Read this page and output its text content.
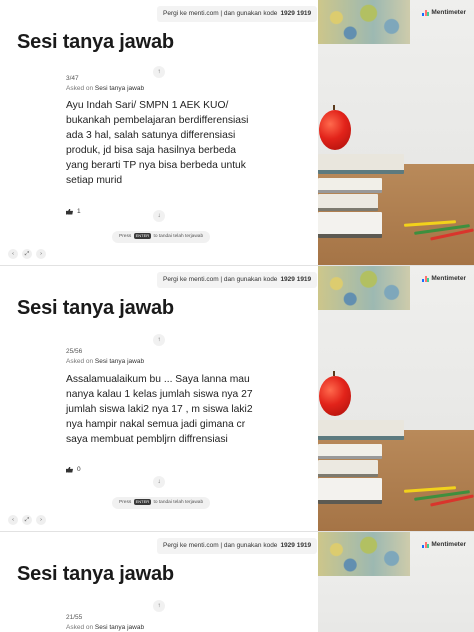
Pergi ke menti.com | dan gunakan kode 1929 1919
Sesi tanya jawab
↑
3/47
Asked on Sesi tanya jawab
Ayu Indah Sari/ SMPN 1 AEK KUO/ bukankah pembelajaran berdifferensiasi ada 3 hal, salah satunya differensiasi produk, jd bisa saja hasilnya berbeda yang berarti TP nya bisa berbeda untuk setiap murid
1
↓
Press ENTER to tandai telah terjawab
‹	⤢	›
Mentimeter
Pergi ke menti.com | dan gunakan kode 1929 1919
Sesi tanya jawab
↑
25/56
Asked on Sesi tanya jawab
Assalamualaikum bu ... Saya lanna mau nanya kalau 1 kelas jumlah siswa nya 27 jumlah siswa laki2 nya 17 , m siswa laki2 nya hampir nakal semua jadi gimana cr saya membuat pembljrn diffrensiasi
0
↓
Press ENTER to tandai telah terjawab
‹	⤢	›
Mentimeter
Pergi ke menti.com | dan gunakan kode 1929 1919
Sesi tanya jawab
↑
21/55
Asked on Sesi tanya jawab
Mentimeter
